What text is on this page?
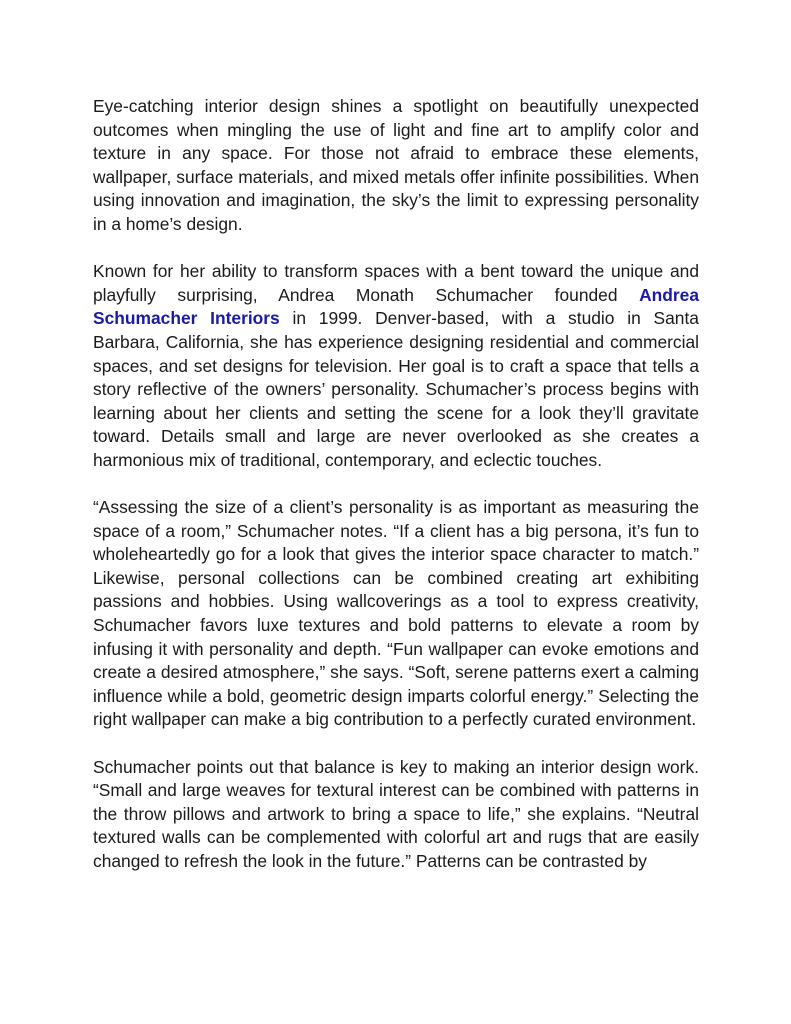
Eye-catching interior design shines a spotlight on beautifully unexpected outcomes when mingling the use of light and fine art to amplify color and texture in any space. For those not afraid to embrace these elements, wallpaper, surface materials, and mixed metals offer infinite possibilities. When using innovation and imagination, the sky’s the limit to expressing personality in a home’s design.

Known for her ability to transform spaces with a bent toward the unique and playfully surprising, Andrea Monath Schumacher founded Andrea Schumacher Interiors in 1999. Denver-based, with a studio in Santa Barbara, California, she has experience designing residential and commercial spaces, and set designs for television. Her goal is to craft a space that tells a story reflective of the owners’ personality. Schumacher’s process begins with learning about her clients and setting the scene for a look they’ll gravitate toward. Details small and large are never overlooked as she creates a harmonious mix of traditional, contemporary, and eclectic touches.

“Assessing the size of a client’s personality is as important as measuring the space of a room,” Schumacher notes. “If a client has a big persona, it’s fun to wholeheartedly go for a look that gives the interior space character to match.” Likewise, personal collections can be combined creating art exhibiting passions and hobbies. Using wallcoverings as a tool to express creativity, Schumacher favors luxe textures and bold patterns to elevate a room by infusing it with personality and depth. “Fun wallpaper can evoke emotions and create a desired atmosphere,” she says. “Soft, serene patterns exert a calming influence while a bold, geometric design imparts colorful energy.” Selecting the right wallpaper can make a big contribution to a perfectly curated environment.

Schumacher points out that balance is key to making an interior design work. “Small and large weaves for textural interest can be combined with patterns in the throw pillows and artwork to bring a space to life,” she explains. “Neutral textured walls can be complemented with colorful art and rugs that are easily changed to refresh the look in the future.” Patterns can be contrasted by
